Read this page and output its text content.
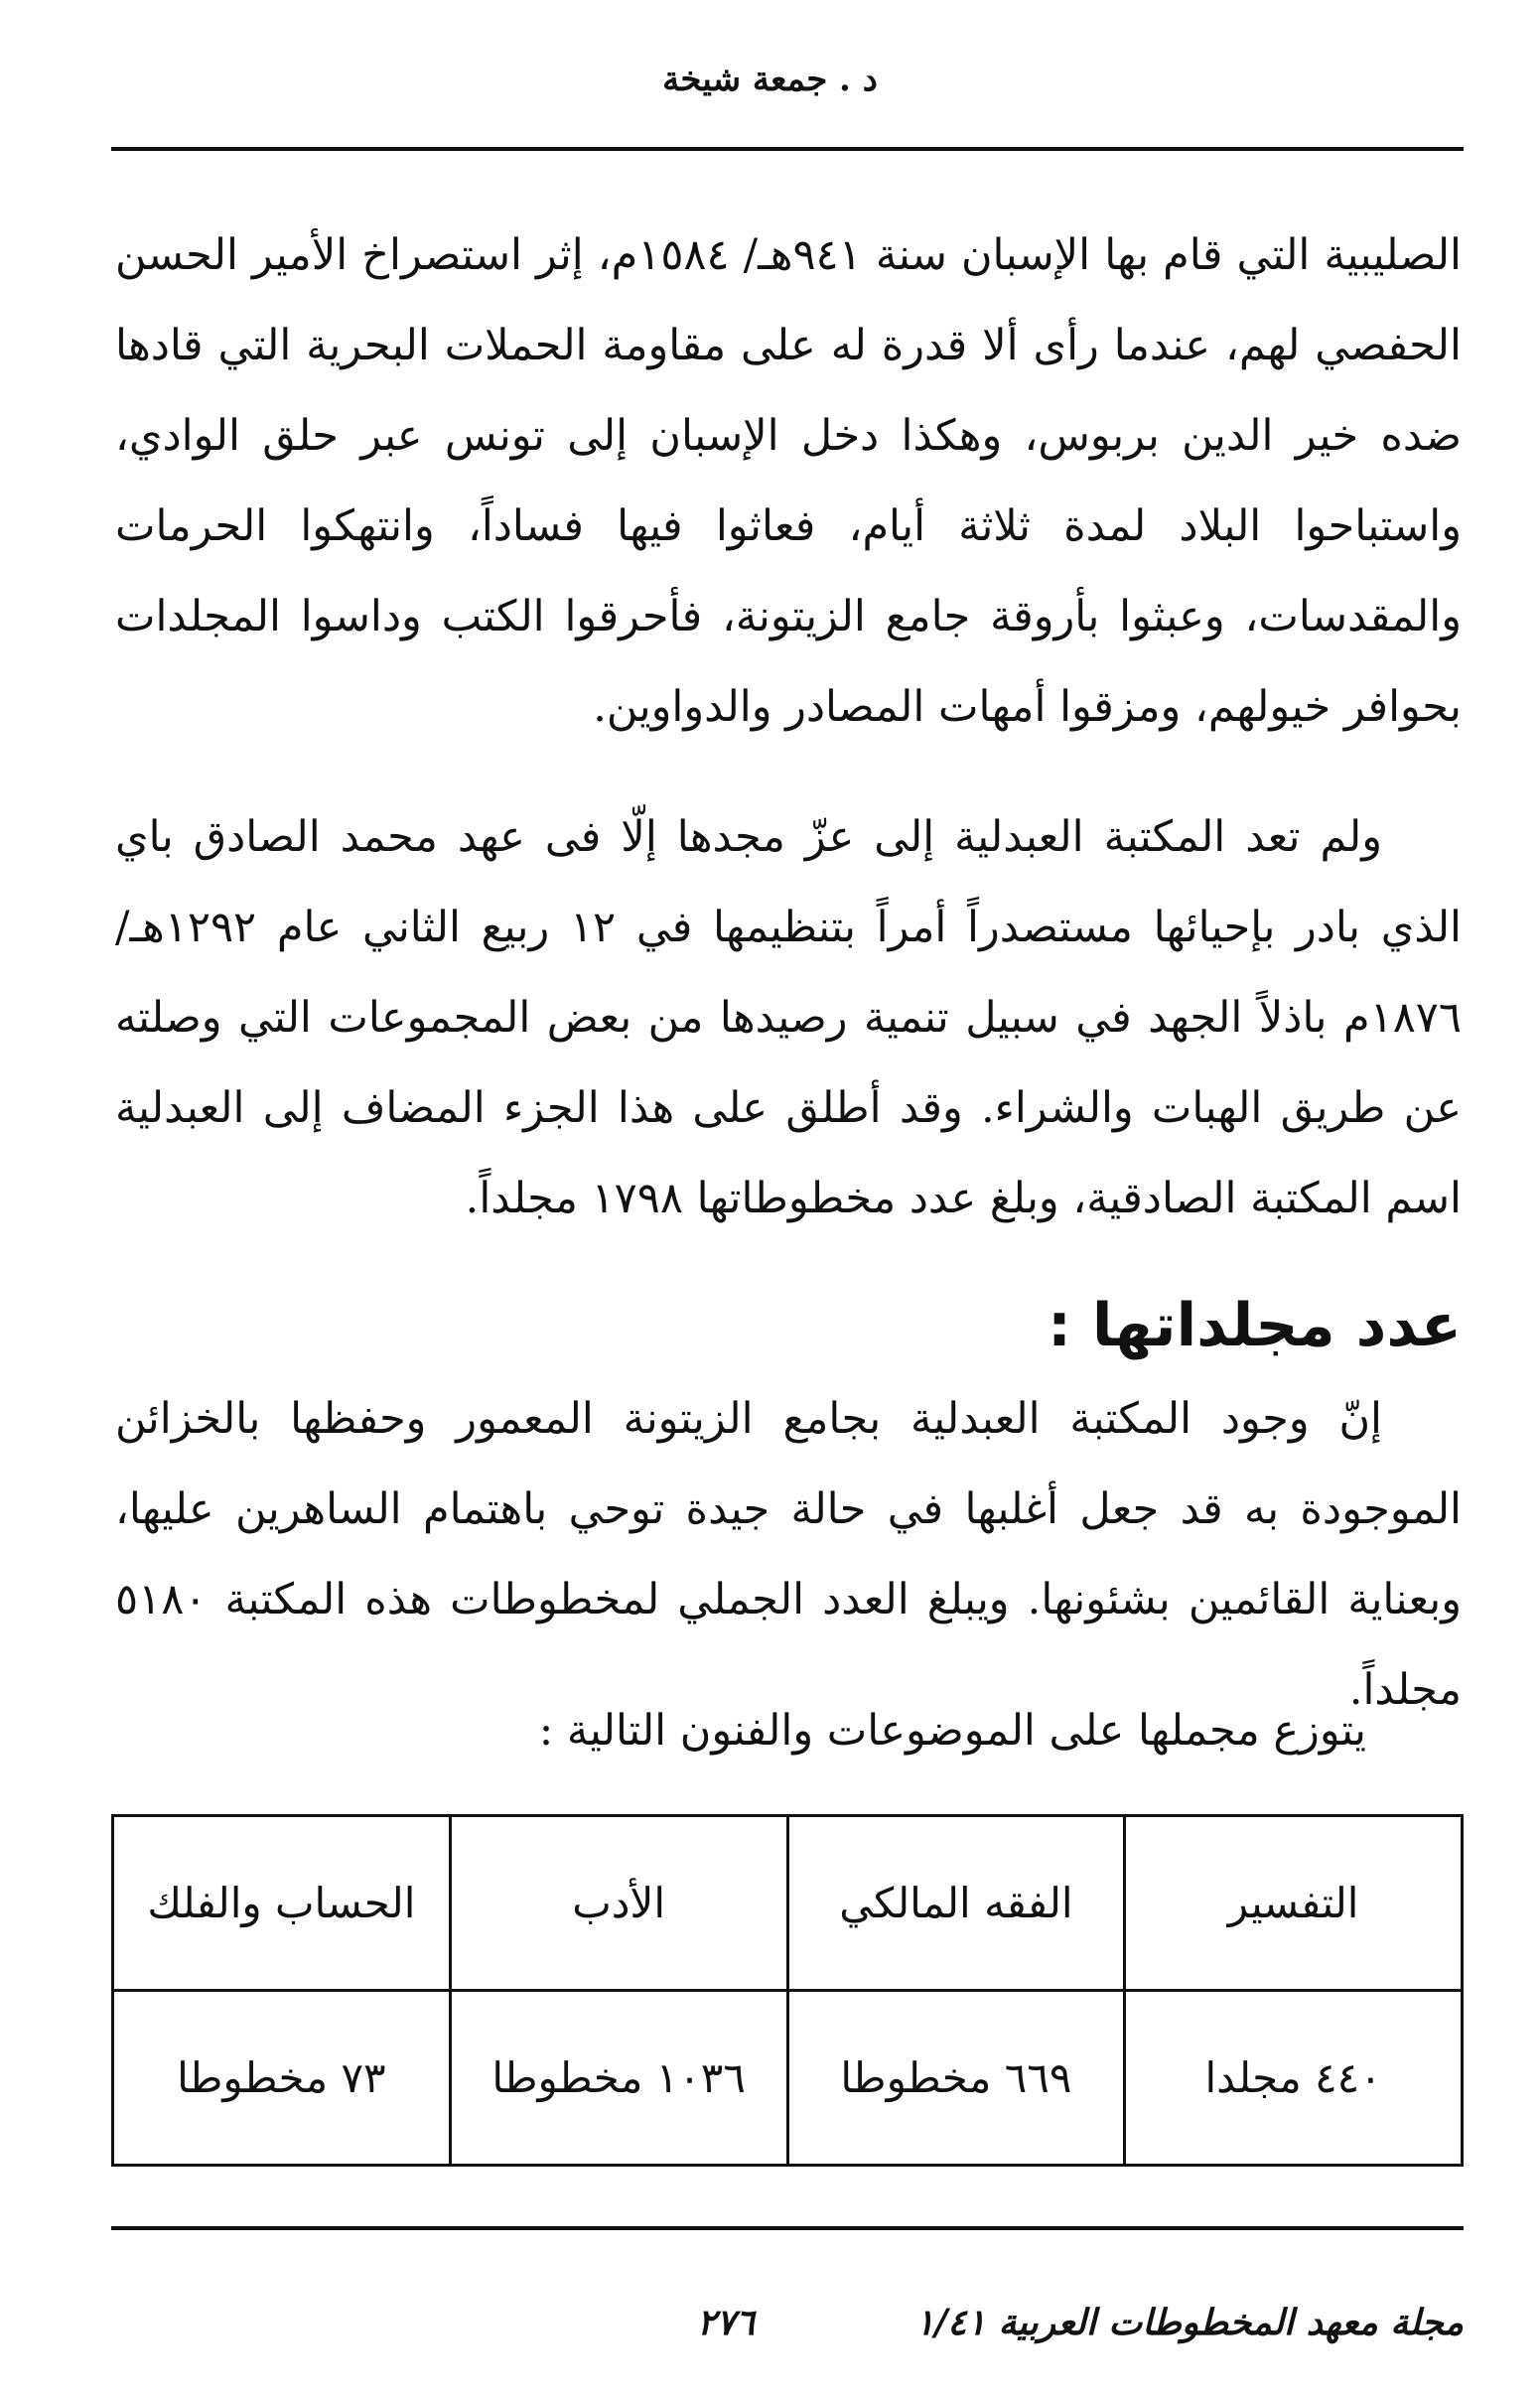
د . جمعة شيخة
الصليبية التي قام بها الإسبان سنة ٩٤١هـ/ ١٥٨٤م، إثر استصراخ الأمير الحسن الحفصي لهم، عندما رأى ألا قدرة له على مقاومة الحملات البحرية التي قادها ضده خير الدين بربوس، وهكذا دخل الإسبان إلى تونس عبر حلق الوادي، واستباحوا البلاد لمدة ثلاثة أيام، فعاثوا فيها فساداً، وانتهكوا الحرمات والمقدسات، وعبثوا بأروقة جامع الزيتونة، فأحرقوا الكتب وداسوا المجلدات بحوافر خيولهم، ومزقوا أمهات المصادر والدواوين.
ولم تعد المكتبة العبدلية إلى عزّ مجدها إلّا فى عهد محمد الصادق باي الذي بادر بإحيائها مستصدراً أمراً بتنظيمها في ١٢ ربيع الثاني عام ١٢٩٢هـ/ ١٨٧٦م باذلاً الجهد في سبيل تنمية رصيدها من بعض المجموعات التي وصلته عن طريق الهبات والشراء. وقد أطلق على هذا الجزء المضاف إلى العبدلية اسم المكتبة الصادقية، وبلغ عدد مخطوطاتها ١٧٩٨ مجلداً.
عدد مجلداتها :
إنّ وجود المكتبة العبدلية بجامع الزيتونة المعمور وحفظها بالخزائن الموجودة به قد جعل أغلبها في حالة جيدة توحي باهتمام الساهرين عليها، وبعناية القائمين بشئونها. ويبلغ العدد الجملي لمخطوطات هذه المكتبة ٥١٨٠ مجلداً.
يتوزع مجملها على الموضوعات والفنون التالية :
التفسير	الفقه المالكي	الأدب	الحساب والفلك
٤٤٠ مجلدا	٦٦٩ مخطوطا	١٠٣٦ مخطوطا	٧٣ مخطوطا
مجلة معهد المخطوطات العربية ١/٤١
٢٧٦
